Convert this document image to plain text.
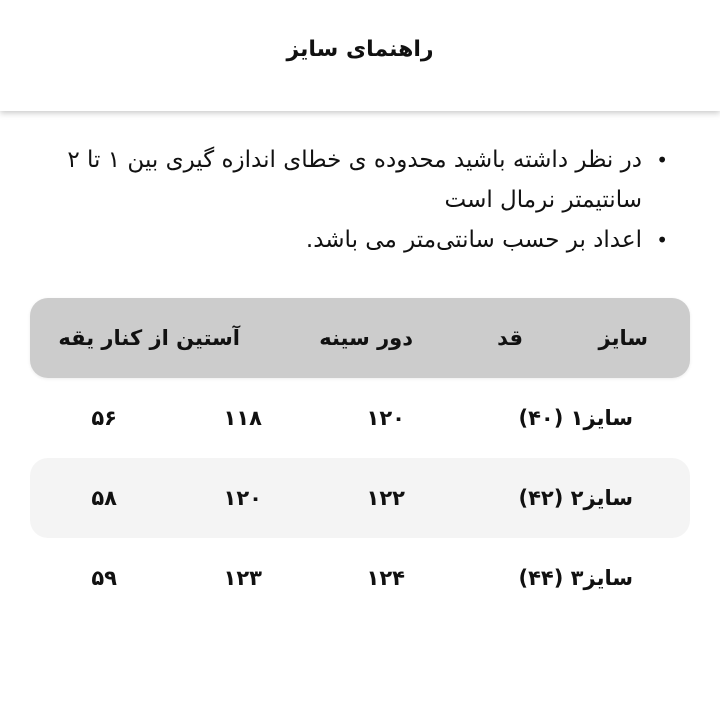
راهنمای سایز
•
در نظر داشته باشید محدوده ی خطای اندازه گیری بین ۱ تا ۲ سانتیمتر نرمال است
•
اعداد بر حسب سانتی‌متر می باشد.
سایز
قد
دور سینه
آستین از کنار یقه
سایز۱ (۴۰)
۱۲۰
۱۱۸
۵۶
سایز۲ (۴۲)
۱۲۲
۱۲۰
۵۸
سایز۳ (۴۴)
۱۲۴
۱۲۳
۵۹
